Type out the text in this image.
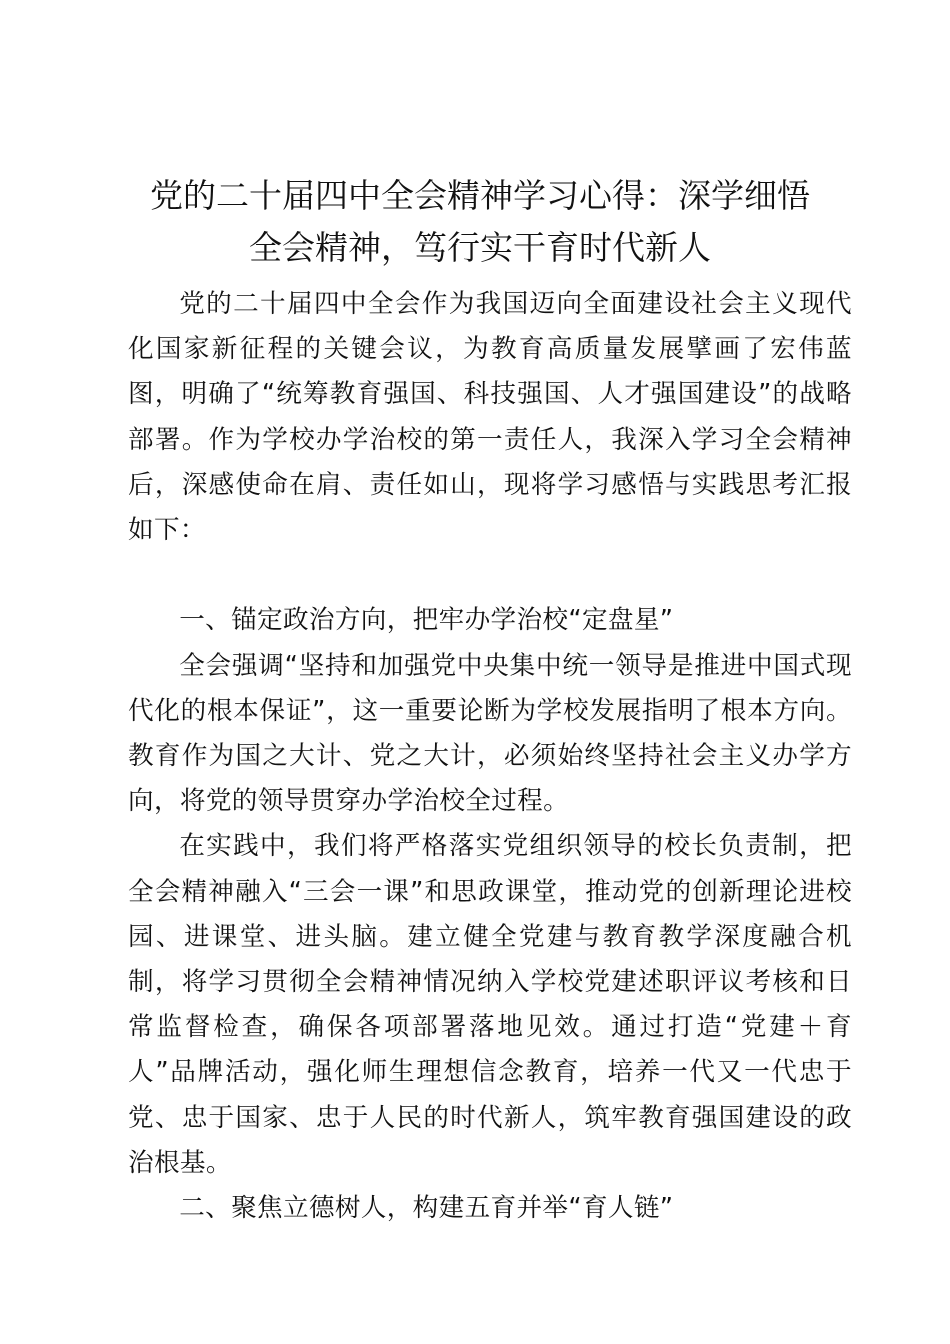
党的二十届四中全会精神学习心得：深学细悟
全会精神，笃行实干育时代新人

党的二十届四中全会作为我国迈向全面建设社会主义现代化国家新征程的关键会议，为教育高质量发展擘画了宏伟蓝图，明确了“统筹教育强国、科技强国、人才强国建设”的战略部署。作为学校办学治校的第一责任人，我深入学习全会精神后，深感使命在肩、责任如山，现将学习感悟与实践思考汇报如下：

一、锚定政治方向，把牢办学治校“定盘星”

全会强调“坚持和加强党中央集中统一领导是推进中国式现代化的根本保证”，这一重要论断为学校发展指明了根本方向。教育作为国之大计、党之大计，必须始终坚持社会主义办学方向，将党的领导贯穿办学治校全过程。

在实践中，我们将严格落实党组织领导的校长负责制，把全会精神融入“三会一课”和思政课堂，推动党的创新理论进校园、进课堂、进头脑。建立健全党建与教育教学深度融合机制，将学习贯彻全会精神情况纳入学校党建述职评议考核和日常监督检查，确保各项部署落地见效。通过打造“党建＋育人”品牌活动，强化师生理想信念教育，培养一代又一代忠于党、忠于国家、忠于人民的时代新人，筑牢教育强国建设的政治根基。

二、聚焦立德树人，构建五育并举“育人链”
